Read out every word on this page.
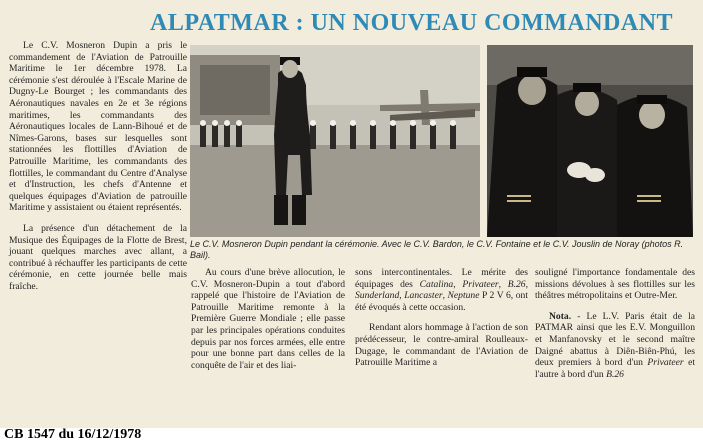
ALPATMAR : UN NOUVEAU COMMANDANT

Le C.V. Mosneron Dupin a pris le commandement de l'Aviation de Patrouille Maritime le 1er décembre 1978. La cérémonie s'est déroulée à l'Escale Marine de Dugny-Le Bourget ; les commandants des Aéronautiques navales en 2e et 3e régions maritimes, les commandants des Aéronautiques locales de Lann-Bihoué et de Nîmes-Garons, bases sur lesquelles sont stationnées les flottilles d'Aviation de Patrouille Maritime, les commandants des flottilles, le commandant du Centre d'Analyse et d'Instruction, les chefs d'Antenne et quelques équipages d'Aviation de patrouille Maritime y assistaient ou étaient représentés.

La présence d'un détachement de la Musique des Équipages de la Flotte de Brest, jouant quelques marches avec allant, a contribué à réchauffer les participants de cette cérémonie, en cette journée belle mais fraîche.

Le C.V. Mosneron Dupin pendant la cérémonie. Avec le C.V. Bardon, le C.V. Fontaine et le C.V. Jouslin de Noray (photos R. Bail).

Au cours d'une brève allocution, le C.V. Mosneron-Dupin a tout d'abord rappelé que l'histoire de l'Aviation de Patrouille Maritime remonte à la Première Guerre Mondiale ; elle passe par les principales opérations conduites depuis par nos forces armées, elle entre pour une bonne part dans celles de la conquête de l'air et des liai-

sons intercontinentales. Le mérite des équipages des Catalina, Privateer, B.26, Sunderland, Lancaster, Neptune P 2 V 6, ont été évoqués à cette occasion.

Rendant alors hommage à l'action de son prédécesseur, le contre-amiral Roulleaux-Dugage, le commandant de l'Aviation de Patrouille Maritime a

souligné l'importance fondamentale des missions dévolues à ses flottilles sur les théâtres métropolitains et Outre-Mer.

Nota. - Le L.V. Paris était de la PATMAR ainsi que les E.V. Monguillon et Manfanovsky et le second maître Daigné abattus à Diên-Biên-Phú, les deux premiers à bord d'un Privateer et l'autre à bord d'un B.26

CB 1547 du 16/12/1978
